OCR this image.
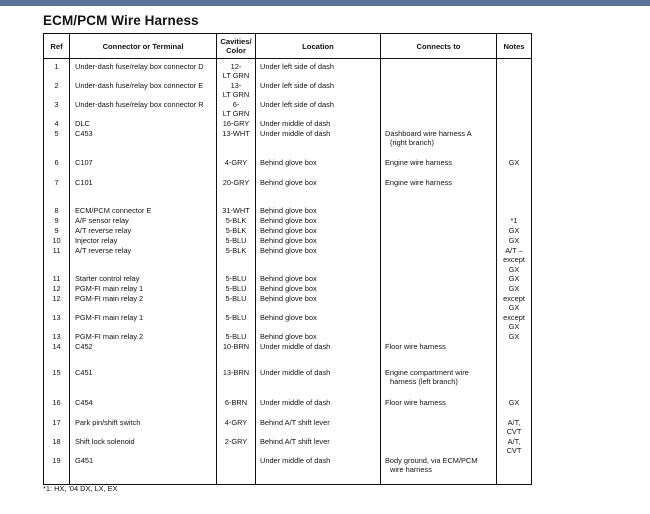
ECM/PCM Wire Harness
Ref	Connector or Terminal	Cavities/
Color	Location	Connects to	Notes
1	Under-dash fuse/relay box connector D	12-
LT GRN	Under left side of dash		
2	Under-dash fuse/relay box connector E	13-
LT GRN	Under left side of dash		
3	Under-dash fuse/relay box connector R	6-
LT GRN	Under left side of dash		
4	DLC	16-GRY	Under middle of dash		
5	C453	13-WHT	Under middle of dash	Dashboard wire harness A
(right branch)	

6	C107	4-GRY	Behind glove box	Engine wire harness	GX

7	C101	20-GRY	Behind glove box	Engine wire harness	

8	ECM/PCM connector E	31-WHT	Behind glove box		
9	A/F sensor relay	5-BLK	Behind glove box		*1

9	A/T reverse relay	5-BLK	Behind glove box		GX

10	Injector relay	5-BLU	Behind glove box		GX

11	A/T reverse relay	5-BLK	Behind glove box		A/T –
except
GX

11	Starter control relay	5-BLU	Behind glove box		GX

12	PGM-FI main relay 1	5-BLU	Behind glove box		GX

12	PGM-FI main relay 2	5-BLU	Behind glove box		except
GX

13	PGM-FI main relay 1	5-BLU	Behind glove box		except
GX

13	PGM-FI main relay 2	5-BLU	Behind glove box		GX

14	C452	10-BRN	Under middle of dash	Floor wire harness	

15	C451	13-BRN	Under middle of dash	Engine compartment wire
harness (left branch)	

16	C454	6-BRN	Under middle of dash	Floor wire harness	GX

17	Park pin/shift switch	4-GRY	Behind A/T shift lever		A/T,
CVT

18	Shift lock solenoid	2-GRY	Behind A/T shift lever		A/T,
CVT

19	G451		Under middle of dash	Body ground, via ECM/PCM
wire harness	

*1: HX, '04 DX, LX, EX
